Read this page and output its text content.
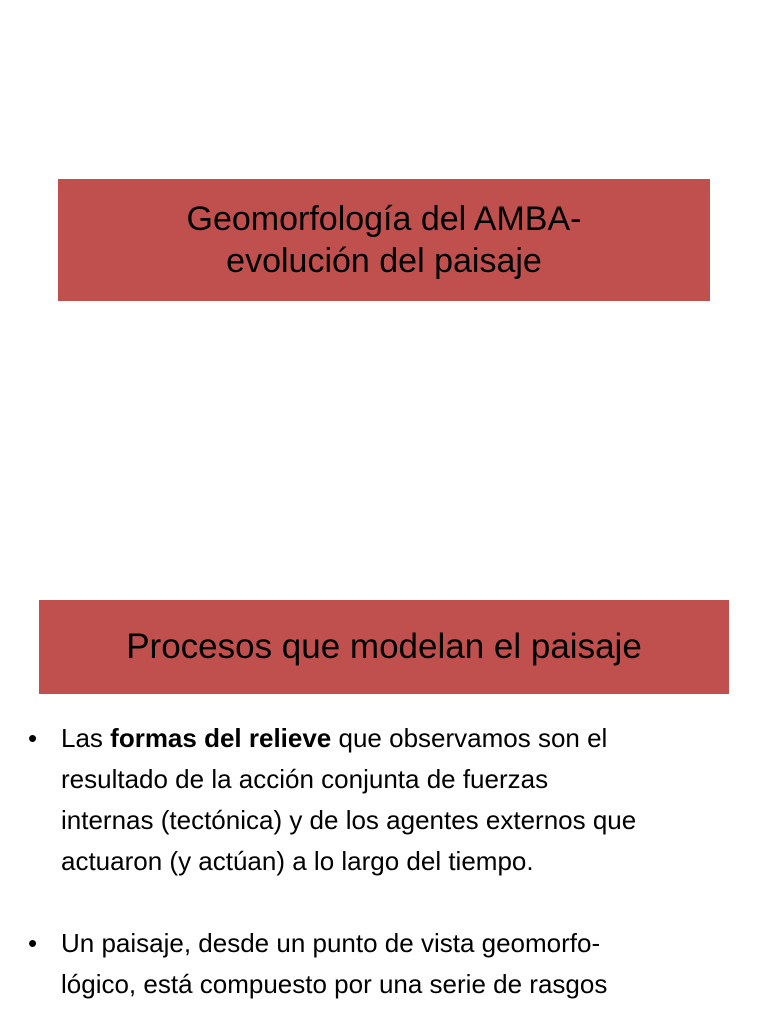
Geomorfología del AMBA-
evolución del paisaje
Procesos que modelan el paisaje
• Las formas del relieve que observamos son el
resultado de la acción conjunta de fuerzas
internas (tectónica) y de los agentes externos que
actuaron (y actúan) a lo largo del tiempo.
• Un paisaje, desde un punto de vista geomorfo-
lógico, está compuesto por una serie de rasgos
